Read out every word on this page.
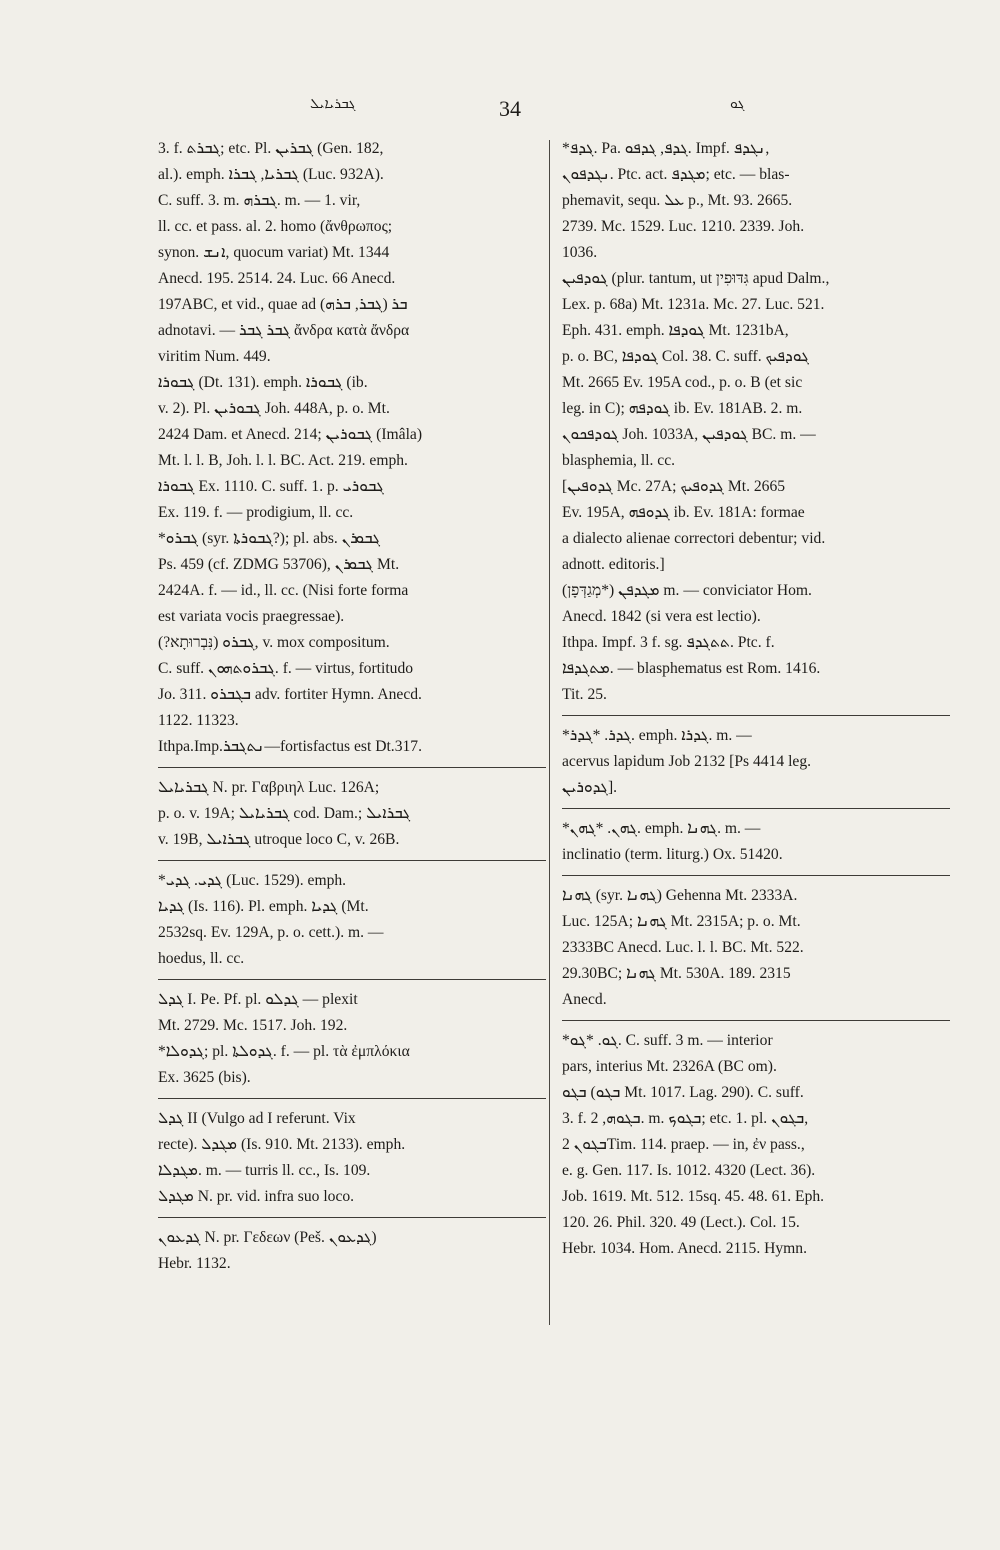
ܓܒܪܝܐܝܠ	34	ܓܘ

3. f. ܓܒܪܬ; etc. Pl. ܓܒܪܝܢ (Gen. 182,

al.). emph. ܓܒܪܝܐ, ܓܒܪܐ (Luc. 932A).

C. suff. 3. m. ܓܒܪܗ. m. — 1. vir,

ll. cc. et pass. al. 2. homo (ἄνθρωπος;

synon. ܐܢܫ, quocum variat) Mt. 1344

Anecd. 195. 2514. 24. Luc. 66 Anecd.

197ABC, et vid., quae ad ܒܪ (ܓܒܪ, ܒܪܗ)

adnotavi. — ܓܒܪ ܓܒܪ ἄνδρα κατὰ ἄνδρα

viritim Num. 449.

ܓܒܘܪܐ (Dt. 131). emph. ܓܒܘܪܐ (ib.

v. 2). Pl. ܓܒܘܪܝܢ Joh. 448A, p. o. Mt.

2424 Dam. et Anecd. 214; ܓܒܘܪܝܢ (Imâla)

Mt. l. l. B, Joh. l. l. BC. Act. 219. emph.

ܓܒܘܪܐ Ex. 1110. C. suff. 1. p. ܓܒܘܪܝ

Ex. 119. f. — prodigium, ll. cc.

*ܓܒܪܘ (syr. ܓܒܘܪܬܐ?); pl. abs. ܓܒܘܪܢ

Ps. 459 (cf. ZDMG 53706), ܓܒܘܪܢ Mt.

2424A. f. — id., ll. cc. (Nisi forte forma

est variata vocis praegressae).

ܓܒܪܘ (נִּבְרוּתָא?), v. mox compositum.

C. suff. ܓܒܪܘܬܗܘܢ. f. — virtus, fortitudo

Jo. 311. ܒܓܒܪܘ adv. fortiter Hymn. Anecd.

1122. 11323.

Ithpa.Imp.ܢܬܓܒܪ—fortisfactus est Dt.317.

ܓܒܪܝܐܝܠ N. pr. Γαβριηλ Luc. 126A;

p. o. v. 19A; ܓܒܪܝܐܝܠ cod. Dam.; ܓܒܪܐܝܠ

v. 19B, ܓܒܪܐܝܠ utroque loco C, v. 26B.

*ܓܕܝ. ܓܕܝ (Luc. 1529). emph.

ܓܕܝܐ (Is. 116). Pl. emph. ܓܕܝܐ (Mt.

2532sq. Ev. 129A, p. o. cett.). m. —

hoedus, ll. cc.

ܓܕܠ I. Pe. Pf. pl. ܓܕܠܘ — plexit

Mt. 2729. Mc. 1517. Joh. 192.

*ܓܕܘܠܐ; pl. ܓܕܘܠܬܐ. f. — pl. τὰ ἐμπλόκια

Ex. 3625 (bis).

ܓܕܠ II (Vulgo ad I referunt. Vix

recte). ܡܓܕܠ (Is. 910. Mt. 2133). emph.

ܡܓܕܠܐ. m. — turris ll. cc., Is. 109.

ܡܓܕܠ N. pr. vid. infra suo loco.

ܓܕܥܘܢ N. pr. Γεδεων (Peš. ܓܕܥܘܢ)

Hebr. 1132.

*ܓܕܦ. Pa. ܓܕܦ, ܓܕܦܘ. Impf. ܢܓܕܦ,

ܢܓܕܦܘܢ. Ptc. act. ܡܓܕܦ; etc. — blas-

phemavit, sequ. ܥܠ p., Mt. 93. 2665.

2739. Mc. 1529. Luc. 1210. 2339. Joh.

1036.

ܓܘܕܦܝܢ (plur. tantum, ut גִּדּוּפִין apud Dalm.,

Lex. p. 68a) Mt. 1231a. Mc. 27. Luc. 521.

Eph. 431. emph. ܓܘܕܦܐ Mt. 1231bA,

p. o. BC, ܓܘܕܦܐ Col. 38. C. suff. ܓܘܕܦܝܟ

Mt. 2665 Ev. 195A cod., p. o. B (et sic

leg. in C); ܓܘܕܦܗ ib. Ev. 181AB. 2. m.

ܓܘܕܦܟܘܢ Joh. 1033A, ܓܘܕܦܝܢ BC. m. —

blasphemia, ll. cc.

[ܓܕܘܦܝܢ Mc. 27A; ܓܕܘܦܝܟ Mt. 2665

Ev. 195A, ܓܕܘܦܗ ib. Ev. 181A: formae

a dialecto alienae correctori debentur; vid.

adnott. editoris.]

ܡܓܕܦܢ (*מְגַדְּפָן) m. — conviciator Hom.

Anecd. 1842 (si vera est lectio).

Ithpa. Impf. 3 f. sg. ܬܬܓܕܦ. Ptc. f.

ܡܬܓܕܦܐ. — blasphematus est Rom. 1416.

Tit. 25.

*ܓܕܪ. *ܓܕܪ. emph. ܓܕܪܐ. m. —

acervus lapidum Job 2132 [Ps 4414 leg.

ܓܕܘܪܝܢ].

*ܓܗܢ. *ܓܗܢ. emph. ܓܗܢܐ. m. —

inclinatio (term. liturg.) Ox. 51420.

ܓܗܢܐ (syr. ܓܗܢܐ) Gehenna Mt. 2333A.

Luc. 125A; ܓܗܢܐ Mt. 2315A; p. o. Mt.

2333BC Anecd. Luc. l. l. BC. Mt. 522.

29.30BC; ܓܗܢܐ Mt. 530A. 189. 2315

Anecd.

*ܓܘ. *ܓܘ. C. suff. 3 m. — interior

pars, interius Mt. 2326A (BC om).

ܒܓܘ (ܒܓܘ Mt. 1017. Lag. 290). C. suff.

3. f. ܒܓܘܗ, 2. m. ܒܓܘܟ; etc. 1. pl. ܒܓܘܢ,

ܒܓܘܢ 2Tim. 114. praep. — in, ἐν pass.,

e. g. Gen. 117. Is. 1012. 4320 (Lect. 36).

Job. 1619. Mt. 512. 15sq. 45. 48. 61. Eph.

120. 26. Phil. 320. 49 (Lect.). Col. 15.

Hebr. 1034. Hom. Anecd. 2115. Hymn.
